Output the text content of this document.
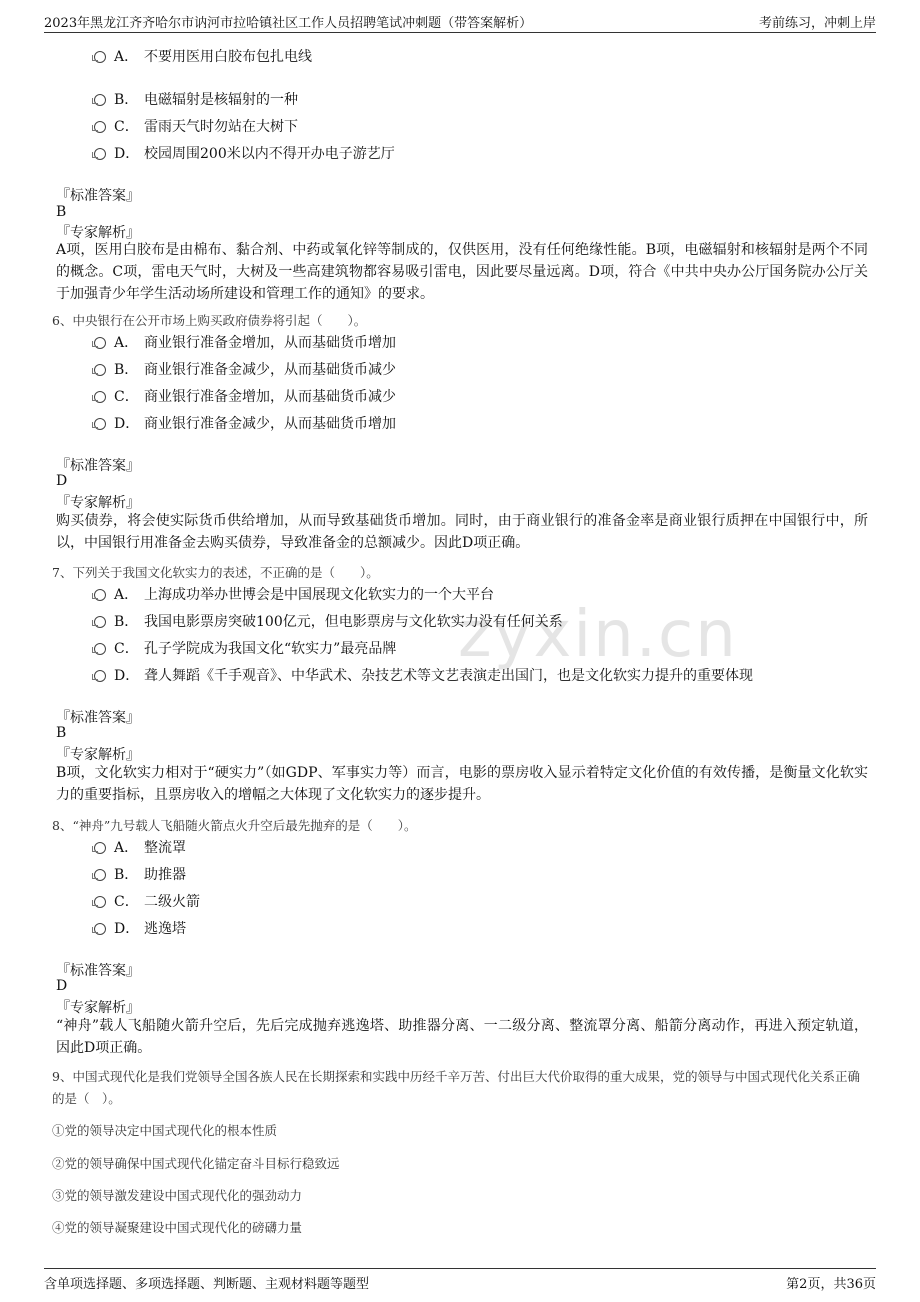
2023年黑龙江齐齐哈尔市讷河市拉哈镇社区工作人员招聘笔试冲刺题（带答案解析）	考前练习，冲刺上岸
zyxin.cn
A． 不要用医用白胶布包扎电线
B． 电磁辐射是核辐射的一种
C． 雷雨天气时勿站在大树下
D． 校园周围200米以内不得开办电子游艺厅
『标准答案』
B
『专家解析』
A项，医用白胶布是由棉布、黏合剂、中药或氧化锌等制成的，仅供医用，没有任何绝缘性能。B项，电磁辐射和核辐射是两个不同的概念。C项，雷电天气时，大树及一些高建筑物都容易吸引雷电，因此要尽量远离。D项，符合《中共中央办公厅国务院办公厅关于加强青少年学生活动场所建设和管理工作的通知》的要求。
6、中央银行在公开市场上购买政府债券将引起（　　）。
A． 商业银行准备金增加，从而基础货币增加
B． 商业银行准备金减少，从而基础货币减少
C． 商业银行准备金增加，从而基础货币减少
D． 商业银行准备金减少，从而基础货币增加
『标准答案』
D
『专家解析』
购买债券，将会使实际货币供给增加，从而导致基础货币增加。同时，由于商业银行的准备金率是商业银行质押在中国银行中，所以，中国银行用准备金去购买债券，导致准备金的总额减少。因此D项正确。
7、下列关于我国文化软实力的表述，不正确的是（　　）。
A． 上海成功举办世博会是中国展现文化软实力的一个大平台
B． 我国电影票房突破100亿元，但电影票房与文化软实力没有任何关系
C． 孔子学院成为我国文化“软实力”最亮品牌
D． 聋人舞蹈《千手观音》、中华武术、杂技艺术等文艺表演走出国门，也是文化软实力提升的重要体现
『标准答案』
B
『专家解析』
B项，文化软实力相对于“硬实力”（如GDP、军事实力等）而言，电影的票房收入显示着特定文化价值的有效传播，是衡量文化软实力的重要指标，且票房收入的增幅之大体现了文化软实力的逐步提升。
8、“神舟”九号载人飞船随火箭点火升空后最先抛弃的是（　　）。
A． 整流罩
B． 助推器
C． 二级火箭
D． 逃逸塔
『标准答案』
D
『专家解析』
“神舟”载人飞船随火箭升空后，先后完成抛弃逃逸塔、助推器分离、一二级分离、整流罩分离、船箭分离动作，再进入预定轨道，因此D项正确。
9、中国式现代化是我们党领导全国各族人民在长期探索和实践中历经千辛万苦、付出巨大代价取得的重大成果，党的领导与中国式现代化关系正确的是（　）。
①党的领导决定中国式现代化的根本性质
②党的领导确保中国式现代化锚定奋斗目标行稳致远
③党的领导激发建设中国式现代化的强劲动力
④党的领导凝聚建设中国式现代化的磅礴力量
含单项选择题、多项选择题、判断题、主观材料题等题型	第2页，共36页
